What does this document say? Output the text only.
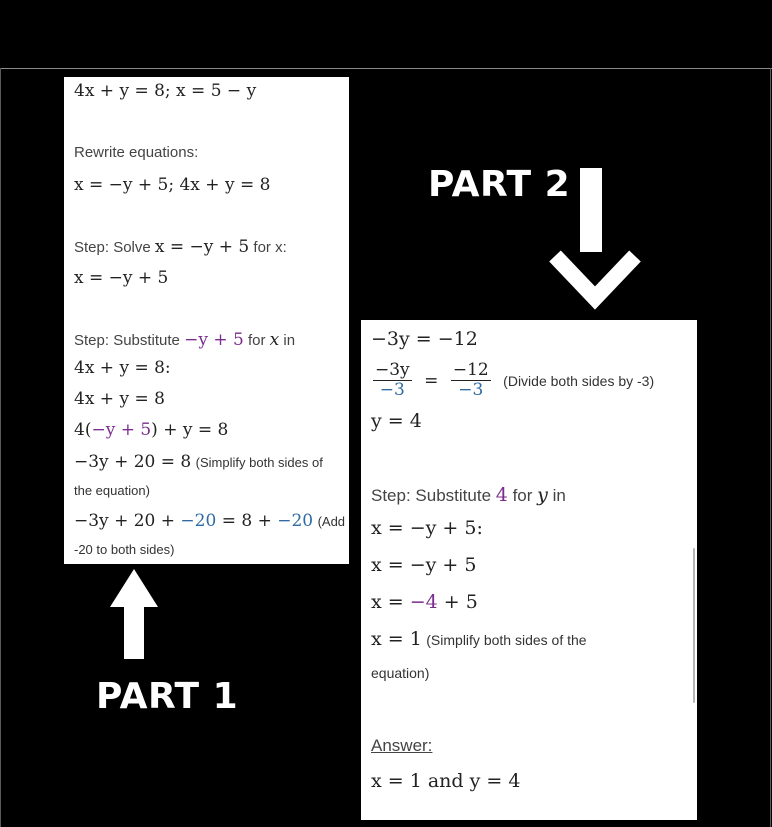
4x + y = 8; x = 5 − y
Rewrite equations:
x = −y + 5; 4x + y = 8
Step: Solve x = −y + 5 for x:
x = −y + 5
Step: Substitute −y + 5 for x in
4x + y = 8:
4x + y = 8
4(−y + 5) + y = 8
−3y + 20 = 8 (Simplify both sides of
the equation)
−3y + 20 + −20 = 8 + −20 (Add
-20 to both sides)
PART 1
PART 2
−3y = −12
$\frac{-3y}{-3} = \frac{-12}{-3}$ (Divide both sides by -3)
y = 4
Step: Substitute 4 for y in
x = −y + 5:
x = −y + 5
x = −4 + 5
x = 1 (Simplify both sides of the
equation)
Answer:
x = 1 and y = 4
